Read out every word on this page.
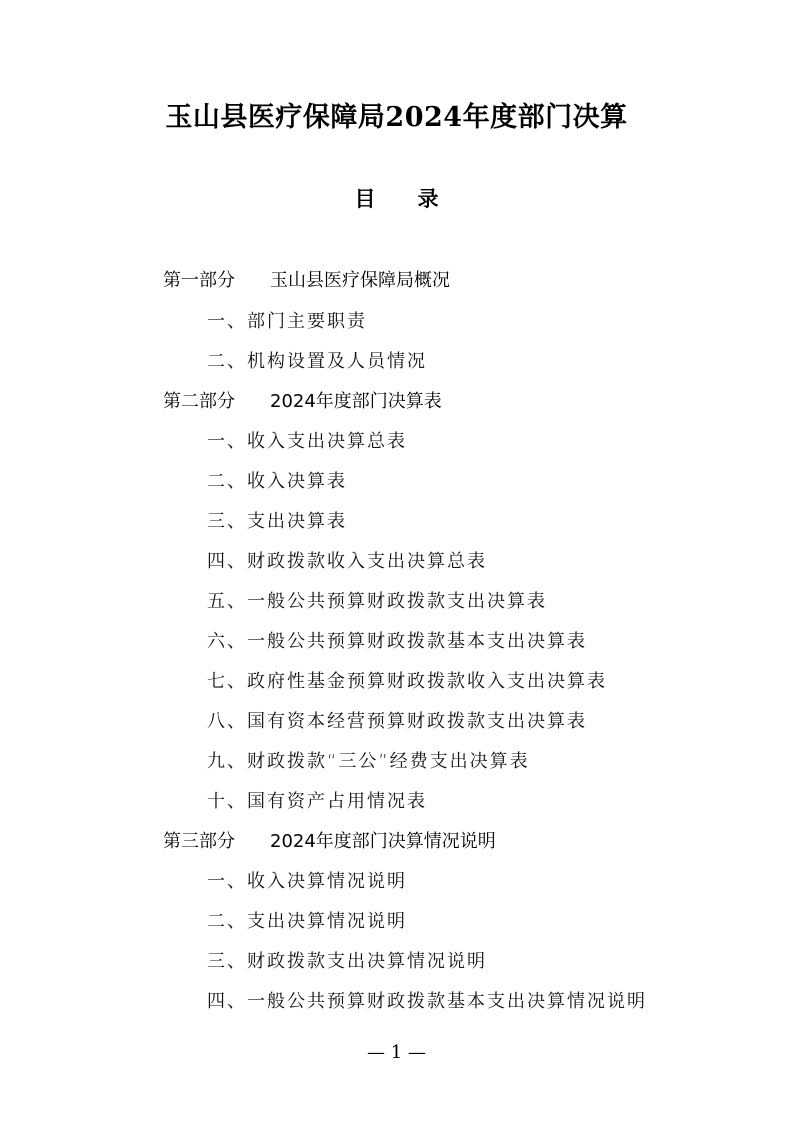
玉山县医疗保障局2024年度部门决算
目录
第一部分 玉山县医疗保障局概况
一、部门主要职责
二、机构设置及人员情况
第二部分 2024年度部门决算表
一、收入支出决算总表
二、收入决算表
三、支出决算表
四、财政拨款收入支出决算总表
五、一般公共预算财政拨款支出决算表
六、一般公共预算财政拨款基本支出决算表
七、政府性基金预算财政拨款收入支出决算表
八、国有资本经营预算财政拨款支出决算表
九、财政拨款“三公”经费支出决算表
十、国有资产占用情况表
第三部分 2024年度部门决算情况说明
一、收入决算情况说明
二、支出决算情况说明
三、财政拨款支出决算情况说明
四、一般公共预算财政拨款基本支出决算情况说明
— 1 —
